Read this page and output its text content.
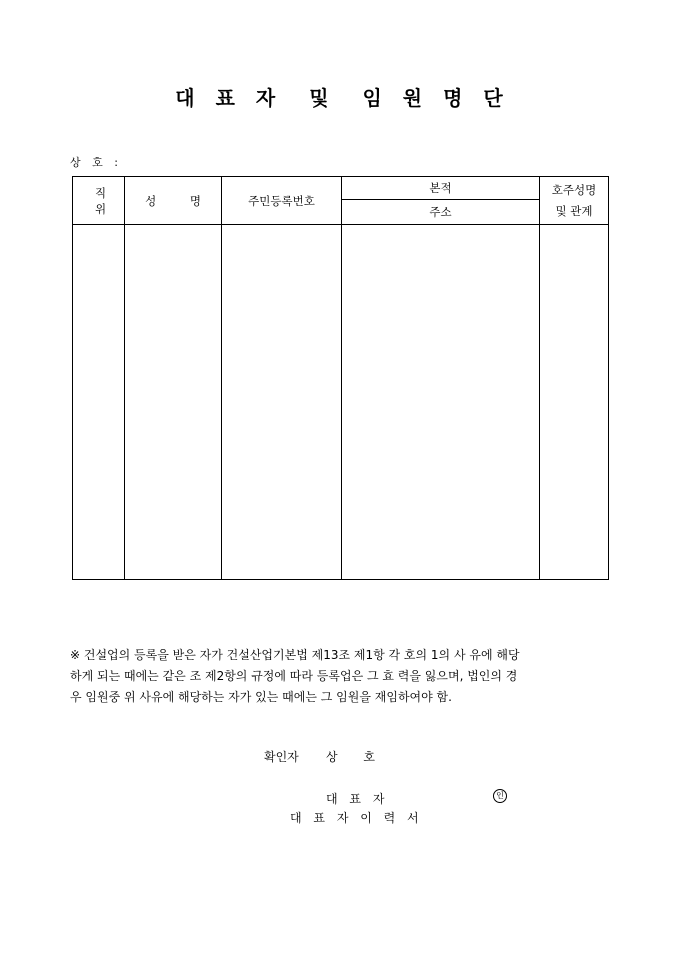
대 표 자 및 임 원 명 단
상 호 :
직 위	성 명	주민등록번호	본적	호주성명
및 관계

			주소	

※ 건설업의 등록을 받은 자가 건설산업기본법 제13조 제1항 각 호의 1의 사 유에 해당
하게 되는 때에는 같은 조 제2항의 규정에 따라 등록업은 그 효 력을 잃으며, 법인의 경
우 임원중 위 사유에 해당하는 자가 있는 때에는 그 임원을 재임하여야 함.
확인자 상 호
대 표 자	인
대 표 자 이 력 서
